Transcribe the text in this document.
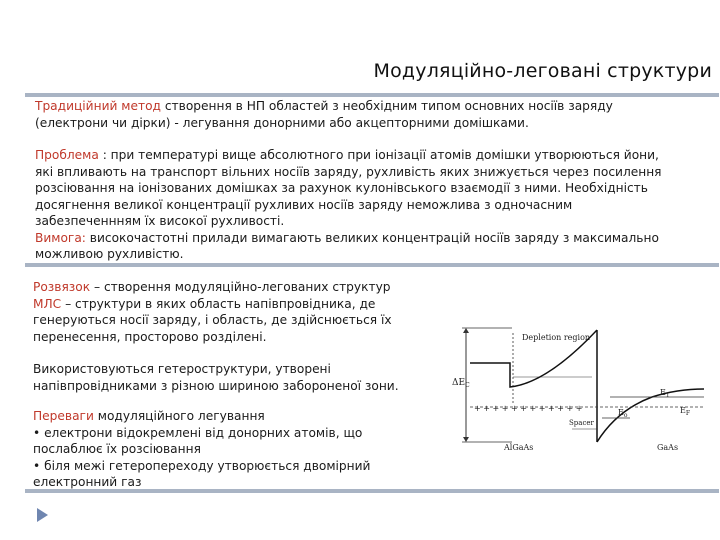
Модуляційно-леговані структури

Традиційний метод створення в НП областей з необхідним типом основних носіїв заряду (електрони чи дірки) - легування донорними або акцепторними домішками.

Проблема : при температурі вище абсолютного при іонізації атомів домішки утворюються йони, які впливають на транспорт вільних носіїв заряду, рухливість яких знижується через посилення розсіювання на іонізованих домішках за рахунок кулонівського взаємодії з ними. Необхідність досягнення великої концентрації рухливих носіїв заряду неможлива з одночасним забезпеченнням їх високої рухливості.

Вимога: високочастотні прилади вимагають великих концентрацій носіїв заряду з максимально можливою рухливістю.

Розвязок – створення модуляційно-легованих структур

МЛС – структури в яких область напівпровідника, де генеруються носії заряду, і область, де здійснюється їх перенесення, просторово розділені.

Використовуються гетероструктури, утворені напівпровідниками з різною шириною забороненої зони.

Переваги модуляційного легування

• електрони відокремлені від донорних атомів, що послаблює їх розсіювання
• біля межі гетеропереходу утворюється двомірний електронний газ
$\Delta E_C$
Depletion region
$E_1$
$E_F$
$E_o$
+ + + + + + + + + + + +
Spacer
AlGaAs	GaAs
